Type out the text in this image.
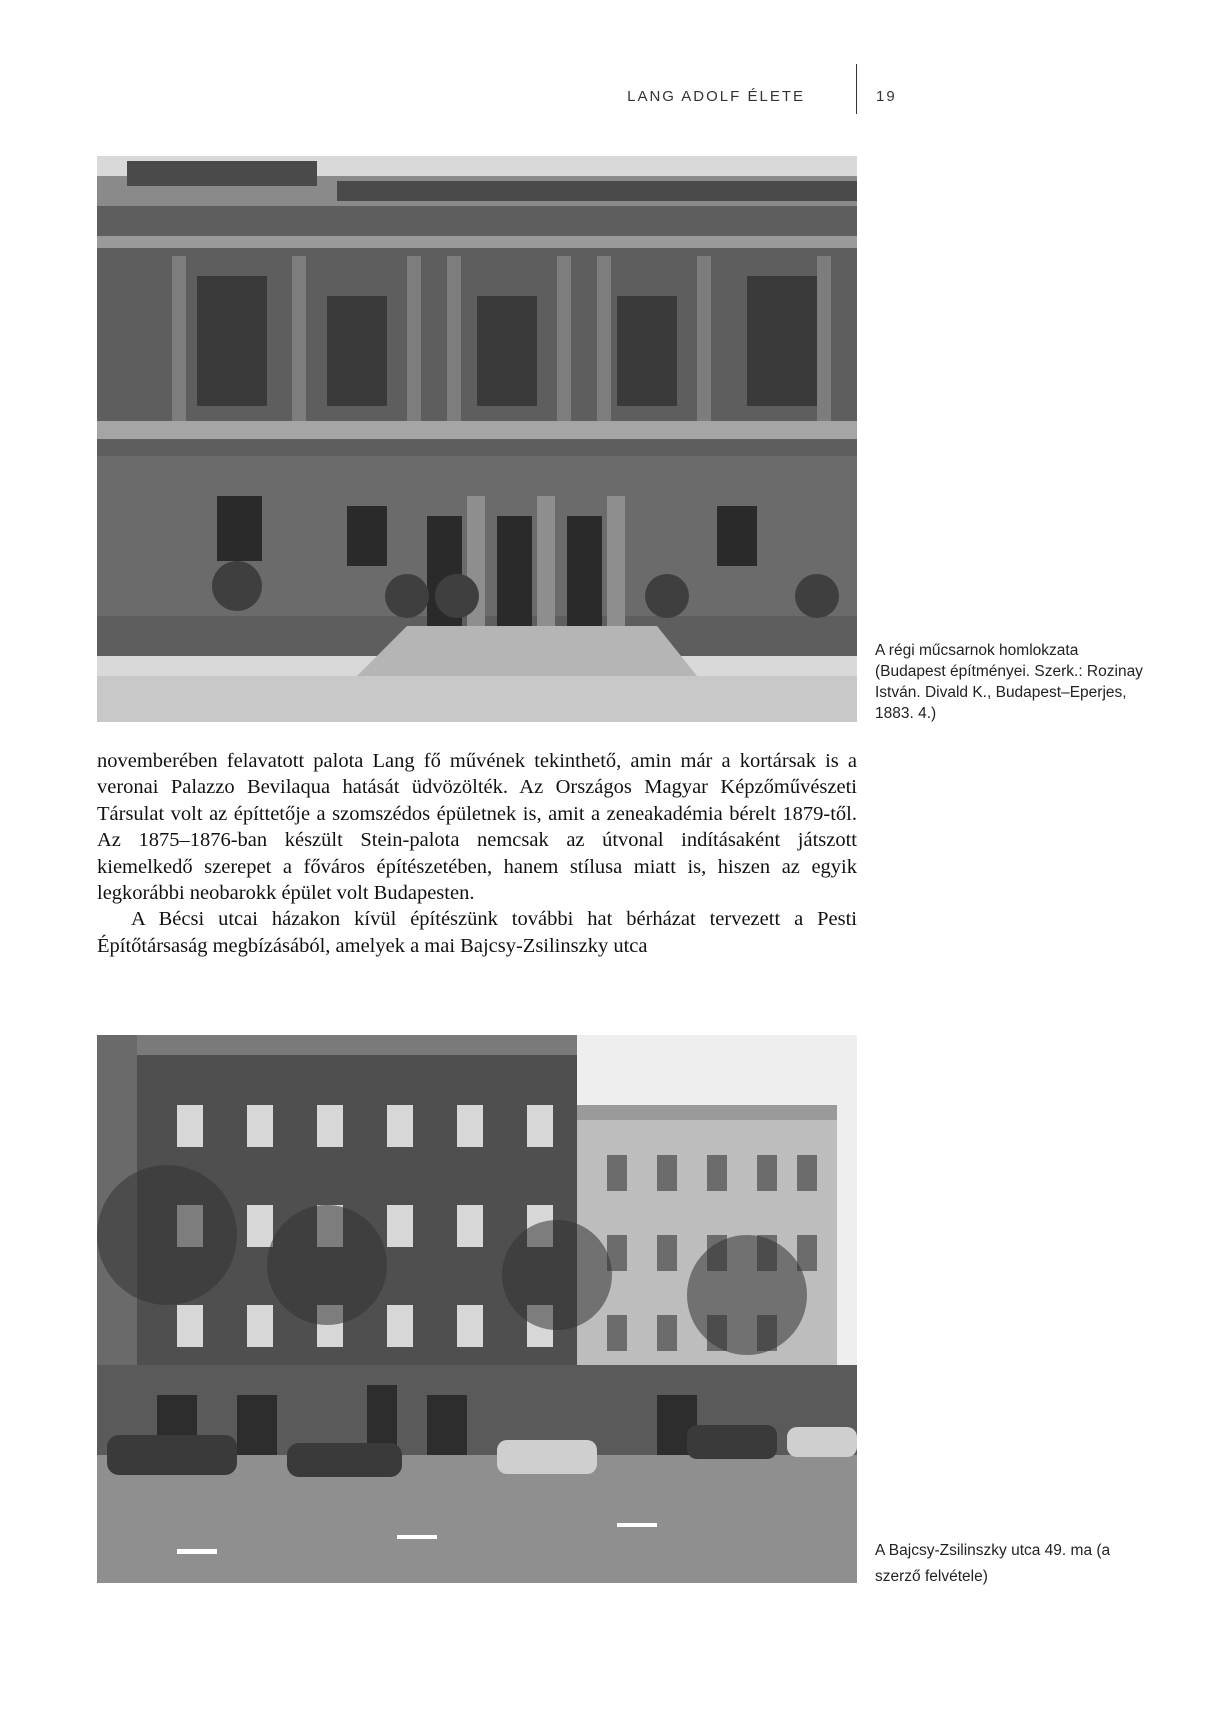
LANG ADOLF ÉLETE	19
A régi műcsarnok homlokzata (Budapest építményei. Szerk.: Rozinay István. Divald K., Budapest–Eperjes, 1883. 4.)

novemberében felavatott palota Lang fő művének tekinthető, amin már a kortársak is a veronai Palazzo Bevilaqua hatását üdvözölték. Az Országos Magyar Képzőművészeti Társulat volt az építtetője a szomszédos épületnek is, amit a zeneakadémia bérelt 1879-től. Az 1875–1876-ban készült Stein-palota nemcsak az útvonal indításaként játszott kiemelkedő szerepet a főváros építészetében, hanem stílusa miatt is, hiszen az egyik legkorábbi neobarokk épület volt Budapesten.

A Bécsi utcai házakon kívül építészünk további hat bérházat tervezett a Pesti Építőtársaság megbízásából, amelyek a mai Bajcsy-Zsilinszky utca

A Bajcsy-Zsilinszky utca 49. ma (a szerző felvétele)
